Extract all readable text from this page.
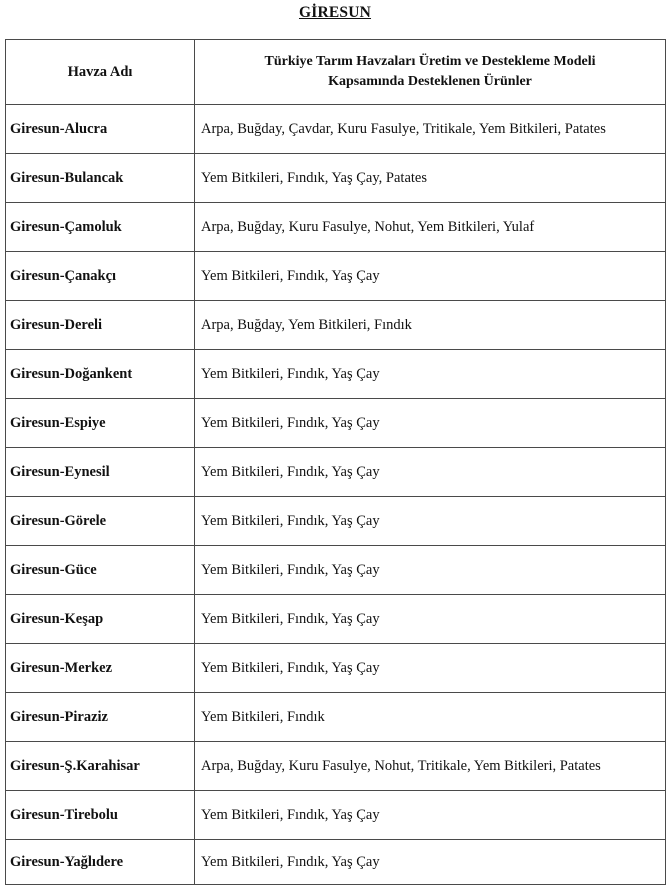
GİRESUN
Havza Adı	Türkiye Tarım Havzaları Üretim ve Destekleme Modeli
Kapsamında Desteklenen Ürünler
Giresun-Alucra	Arpa, Buğday, Çavdar, Kuru Fasulye, Tritikale, Yem Bitkileri, Patates
Giresun-Bulancak	Yem Bitkileri, Fındık, Yaş Çay, Patates
Giresun-Çamoluk	Arpa, Buğday, Kuru Fasulye, Nohut, Yem Bitkileri, Yulaf
Giresun-Çanakçı	Yem Bitkileri, Fındık, Yaş Çay
Giresun-Dereli	Arpa, Buğday, Yem Bitkileri, Fındık
Giresun-Doğankent	Yem Bitkileri, Fındık, Yaş Çay
Giresun-Espiye	Yem Bitkileri, Fındık, Yaş Çay
Giresun-Eynesil	Yem Bitkileri, Fındık, Yaş Çay
Giresun-Görele	Yem Bitkileri, Fındık, Yaş Çay
Giresun-Güce	Yem Bitkileri, Fındık, Yaş Çay
Giresun-Keşap	Yem Bitkileri, Fındık, Yaş Çay
Giresun-Merkez	Yem Bitkileri, Fındık, Yaş Çay
Giresun-Piraziz	Yem Bitkileri, Fındık
Giresun-Ş.Karahisar	Arpa, Buğday, Kuru Fasulye, Nohut, Tritikale, Yem Bitkileri, Patates
Giresun-Tirebolu	Yem Bitkileri, Fındık, Yaş Çay
Giresun-Yağlıdere	Yem Bitkileri, Fındık, Yaş Çay
